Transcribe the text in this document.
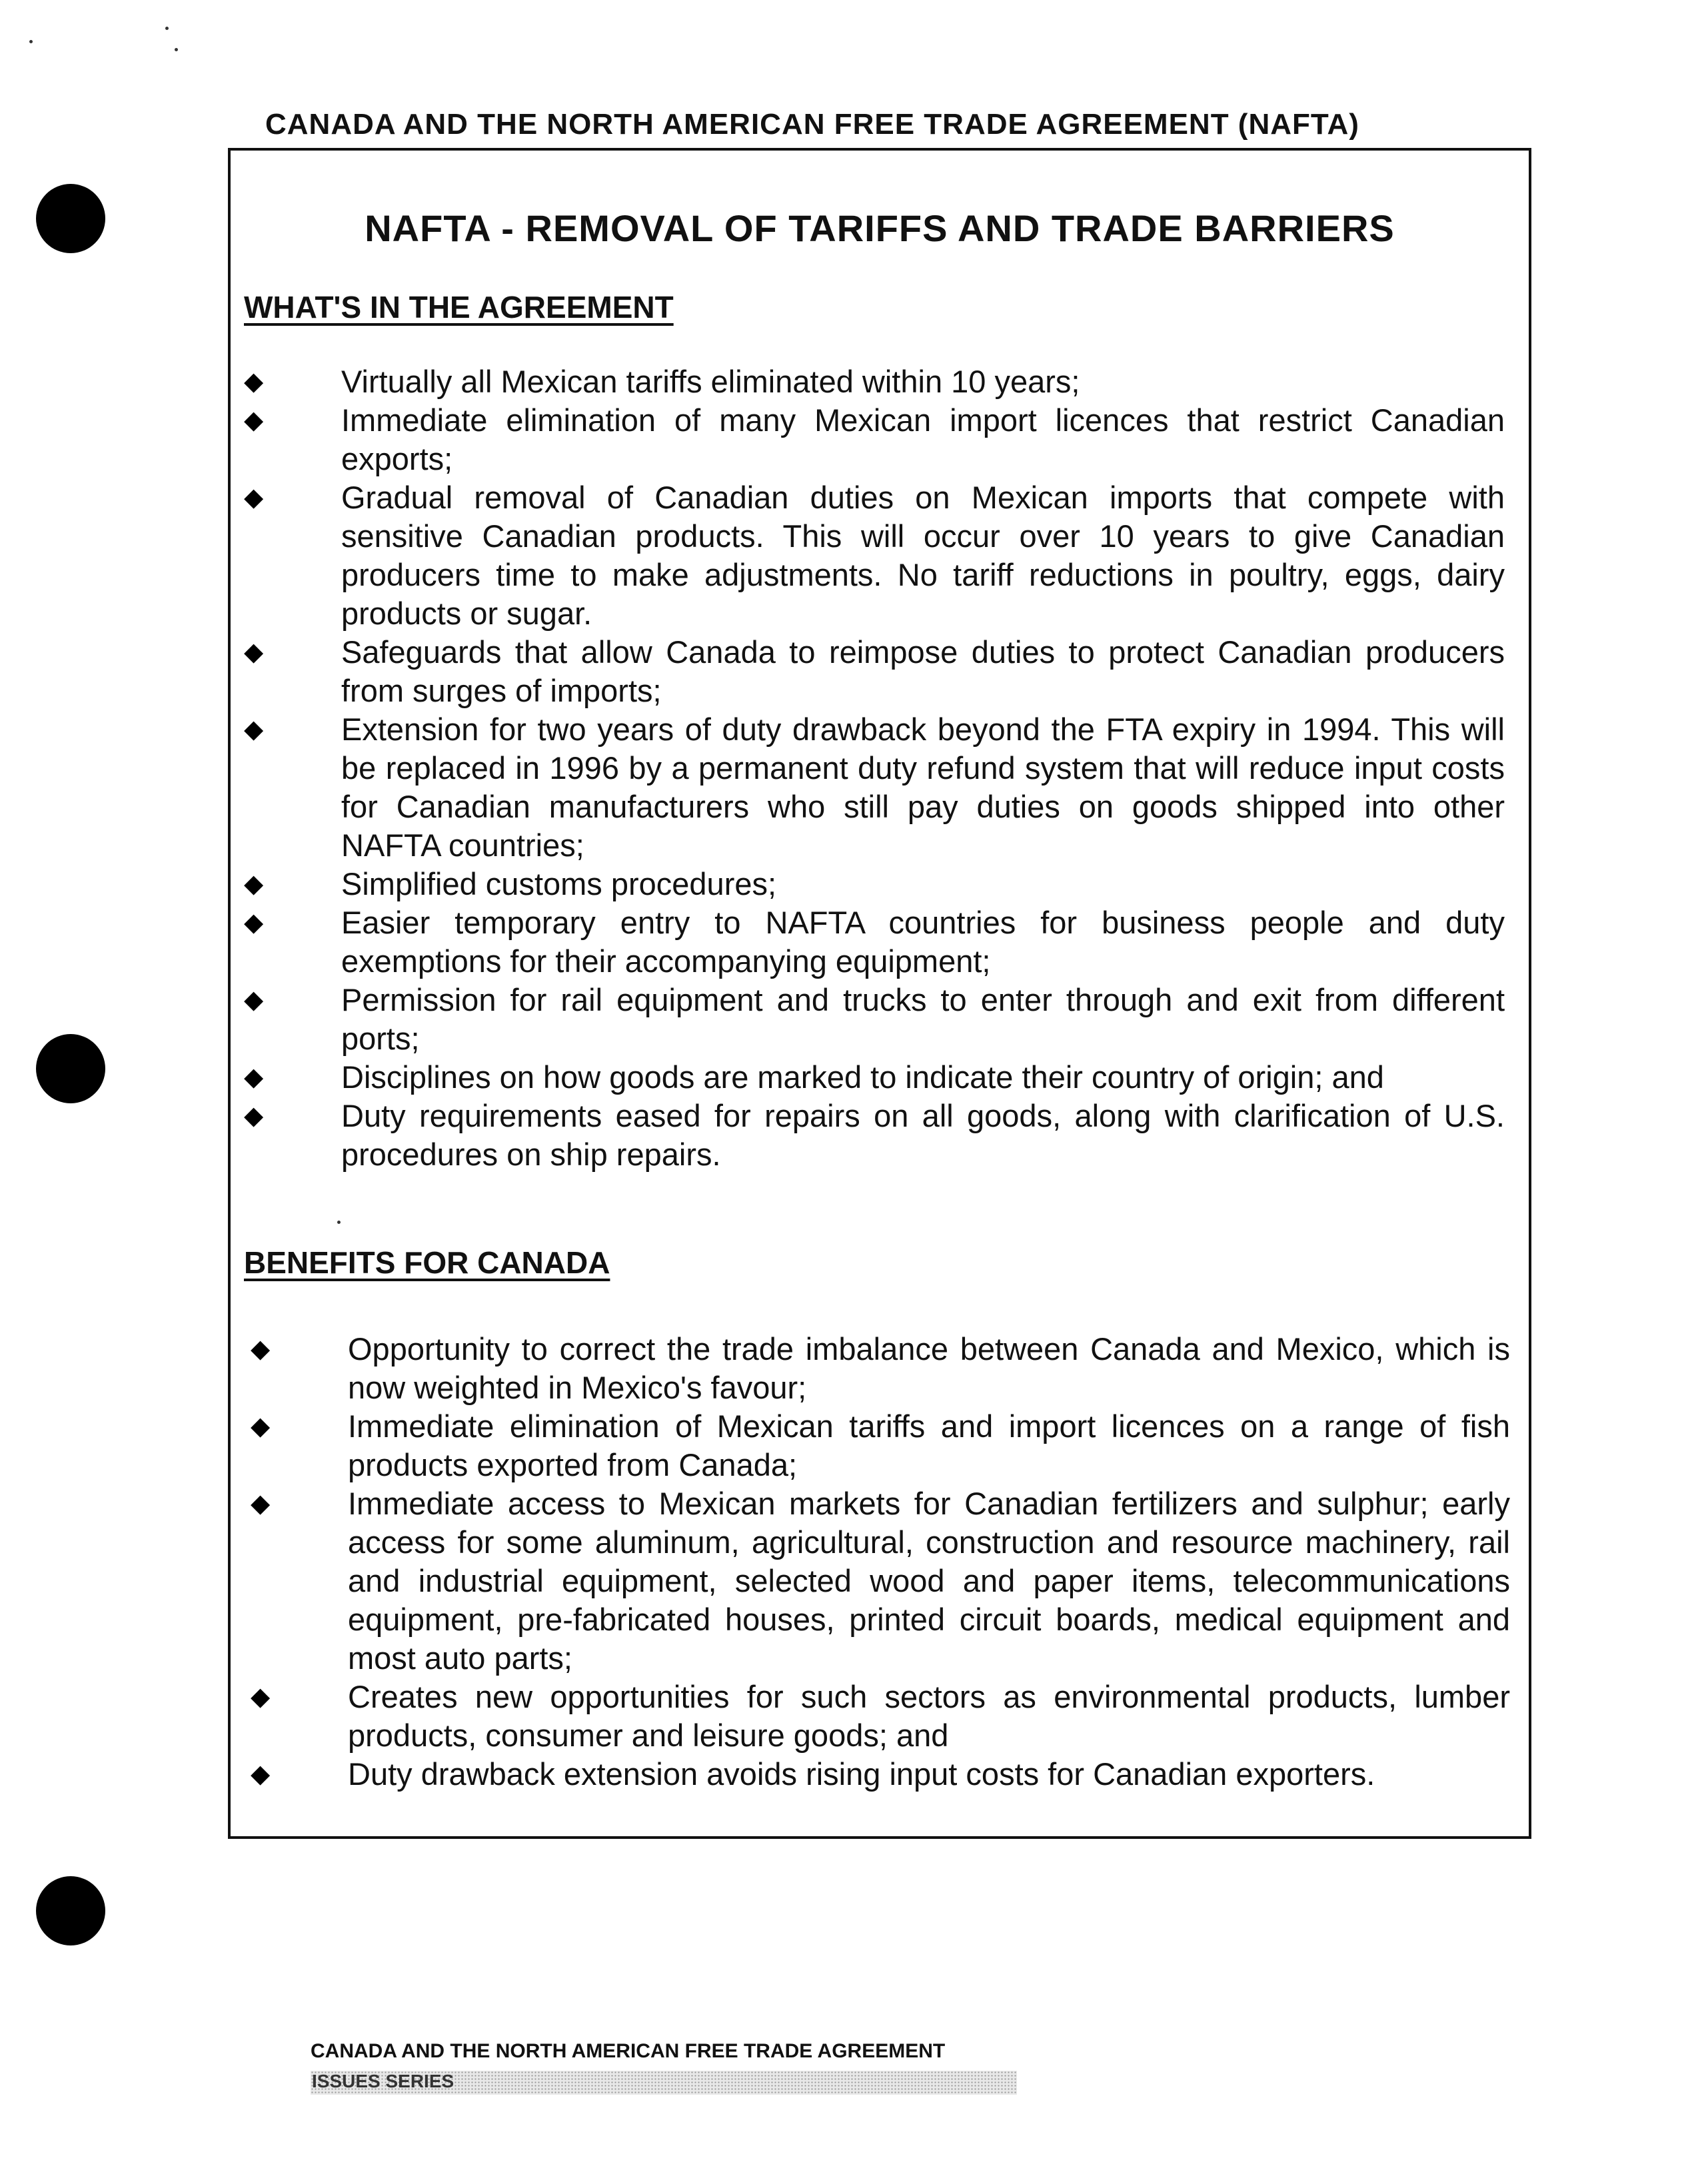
CANADA AND THE NORTH AMERICAN FREE TRADE AGREEMENT (NAFTA)
NAFTA - REMOVAL OF TARIFFS AND TRADE BARRIERS
WHAT'S IN THE AGREEMENT
◆ Virtually all Mexican tariffs eliminated within 10 years;
◆ Immediate elimination of many Mexican import licences that restrict Canadian exports;
◆ Gradual removal of Canadian duties on Mexican imports that compete with sensitive Canadian products. This will occur over 10 years to give Canadian producers time to make adjustments. No tariff reductions in poultry, eggs, dairy products or sugar.
◆ Safeguards that allow Canada to reimpose duties to protect Canadian producers from surges of imports;
◆ Extension for two years of duty drawback beyond the FTA expiry in 1994. This will be replaced in 1996 by a permanent duty refund system that will reduce input costs for Canadian manufacturers who still pay duties on goods shipped into other NAFTA countries;
◆ Simplified customs procedures;
◆ Easier temporary entry to NAFTA countries for business people and duty exemptions for their accompanying equipment;
◆ Permission for rail equipment and trucks to enter through and exit from different ports;
◆ Disciplines on how goods are marked to indicate their country of origin; and
◆ Duty requirements eased for repairs on all goods, along with clarification of U.S. procedures on ship repairs.
BENEFITS FOR CANADA
◆ Opportunity to correct the trade imbalance between Canada and Mexico, which is now weighted in Mexico's favour;
◆ Immediate elimination of Mexican tariffs and import licences on a range of fish products exported from Canada;
◆ Immediate access to Mexican markets for Canadian fertilizers and sulphur; early access for some aluminum, agricultural, construction and resource machinery, rail and industrial equipment, selected wood and paper items, telecommunications equipment, pre-fabricated houses, printed circuit boards, medical equipment and most auto parts;
◆ Creates new opportunities for such sectors as environmental products, lumber products, consumer and leisure goods; and
◆ Duty drawback extension avoids rising input costs for Canadian exporters.
CANADA AND THE NORTH AMERICAN FREE TRADE AGREEMENT
ISSUES SERIES
